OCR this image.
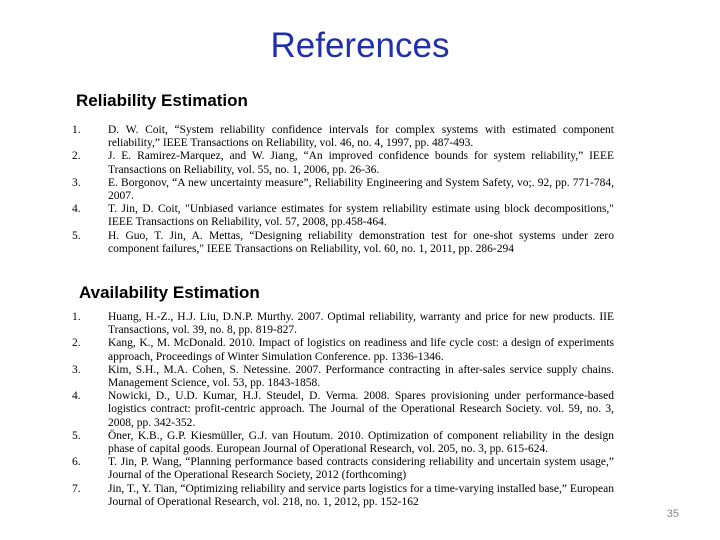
References
Reliability Estimation
1.	D. W. Coit, “System reliability confidence intervals for complex systems with estimated component reliability,” IEEE Transactions on Reliability, vol. 46, no. 4, 1997, pp. 487-493.
2.	J. E. Ramirez-Marquez, and W. Jiang, “An improved confidence bounds for system reliability,” IEEE Transactions on Reliability, vol. 55, no. 1, 2006, pp. 26-36.
3.	E. Borgonov, “A new uncertainty measure”, Reliability Engineering and System Safety, vo;. 92, pp. 771-784, 2007.
4.	T. Jin, D. Coit, "Unbiased variance estimates for system reliability estimate using block decompositions," IEEE Transactions on Reliability, vol. 57, 2008, pp.458-464.
5.	H. Guo, T. Jin, A. Mettas, “Designing reliability demonstration test for one-shot systems under zero component failures," IEEE Transactions on Reliability, vol. 60, no. 1, 2011, pp. 286-294
Availability Estimation
1.	Huang, H.-Z., H.J. Liu, D.N.P. Murthy. 2007. Optimal reliability, warranty and price for new products. IIE Transactions, vol. 39, no. 8, pp. 819-827.
2.	Kang, K., M. McDonald. 2010. Impact of logistics on readiness and life cycle cost: a design of experiments approach, Proceedings of Winter Simulation Conference. pp. 1336-1346.
3.	Kim, S.H., M.A. Cohen, S. Netessine. 2007. Performance contracting in after-sales service supply chains. Management Science, vol. 53, pp. 1843-1858.
4.	Nowicki, D., U.D. Kumar, H.J. Steudel, D. Verma. 2008. Spares provisioning under performance-based logistics contract: profit-centric approach. The Journal of the Operational Research Society. vol. 59, no. 3, 2008, pp. 342-352.
5.	Öner, K.B., G.P. Kiesmüller, G.J. van Houtum. 2010. Optimization of component reliability in the design phase of capital goods. European Journal of Operational Research, vol. 205, no. 3, pp. 615-624.
6.	T. Jin, P. Wang, “Planning performance based contracts considering reliability and uncertain system usage,” Journal of the Operational Research Society, 2012 (forthcoming)
7.	Jin, T., Y. Tian, “Optimizing reliability and service parts logistics for a time-varying installed base,” European Journal of Operational Research, vol. 218, no. 1, 2012, pp. 152-162
35
